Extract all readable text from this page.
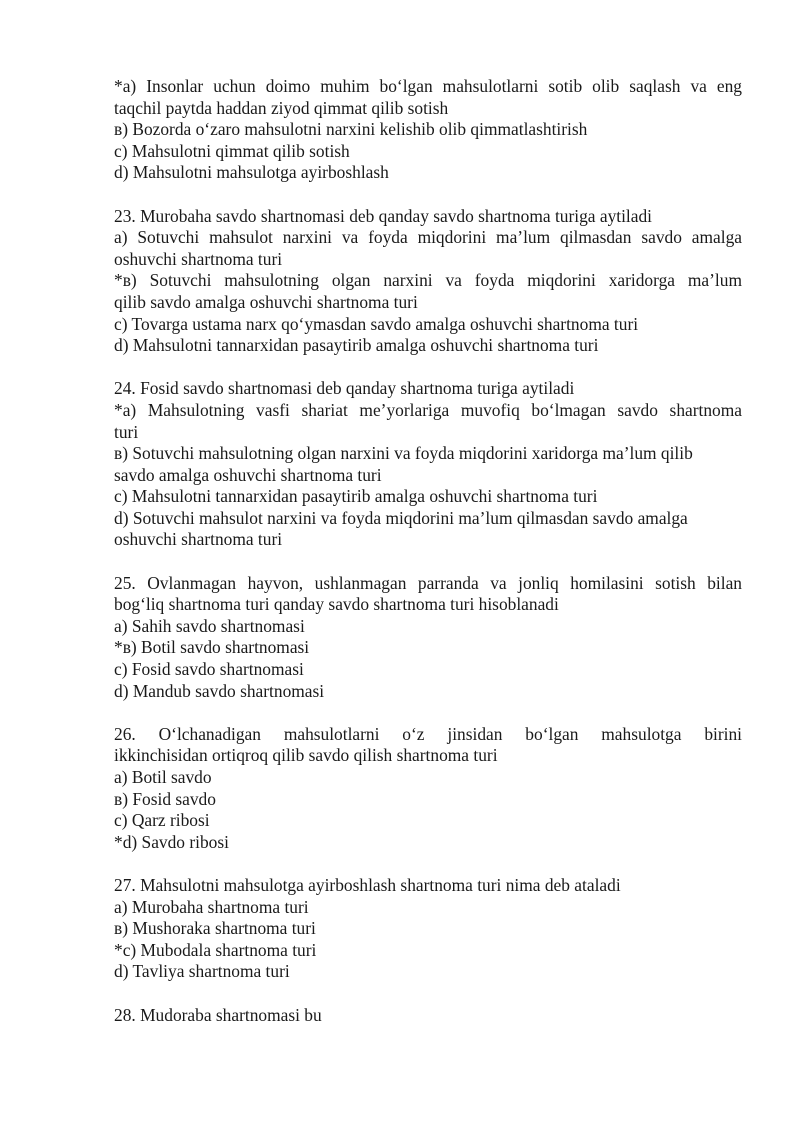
*a) Insonlar uchun doimo muhim bo‘lgan mahsulotlarni sotib olib saqlash va eng
taqchil paytda haddan ziyod qimmat qilib sotish
в) Bozorda o‘zaro mahsulotni narxini kelishib olib qimmatlashtirish
c) Mahsulotni qimmat qilib sotish
d) Mahsulotni mahsulotga ayirboshlash
23. Murobaha savdo shartnomasi deb qanday savdo shartnoma turiga aytiladi
a) Sotuvchi mahsulot narxini va foyda miqdorini ma’lum qilmasdan savdo amalga
oshuvchi shartnoma turi
*в) Sotuvchi mahsulotning olgan narxini va foyda miqdorini xaridorga ma’lum
qilib savdo amalga oshuvchi shartnoma turi
c) Tovarga ustama narx qo‘ymasdan savdo amalga oshuvchi shartnoma turi
d) Mahsulotni tannarxidan pasaytirib amalga oshuvchi shartnoma turi
24. Fosid savdo shartnomasi deb qanday shartnoma turiga aytiladi
*a) Mahsulotning vasfi shariat me’yorlariga muvofiq bo‘lmagan savdo shartnoma
turi
в) Sotuvchi mahsulotning olgan narxini va foyda miqdorini xaridorga ma’lum qilib
savdo amalga oshuvchi shartnoma turi
c) Mahsulotni tannarxidan pasaytirib amalga oshuvchi shartnoma turi
d) Sotuvchi mahsulot narxini va foyda miqdorini ma’lum qilmasdan savdo amalga
oshuvchi shartnoma turi
25. Ovlanmagan hayvon, ushlanmagan parranda va jonliq homilasini sotish bilan
bog‘liq shartnoma turi qanday savdo shartnoma turi hisoblanadi
a) Sahih savdo shartnomasi
*в) Botil savdo shartnomasi
c) Fosid savdo shartnomasi
d) Mandub savdo shartnomasi
26. O‘lchanadigan mahsulotlarni o‘z jinsidan bo‘lgan mahsulotga birini
ikkinchisidan ortiqroq qilib savdo qilish shartnoma turi
a) Botil savdo
в) Fosid savdo
c) Qarz ribosi
*d) Savdo ribosi
27. Mahsulotni mahsulotga ayirboshlash shartnoma turi nima deb ataladi
a) Murobaha shartnoma turi
в) Mushoraka shartnoma turi
*c) Mubodala shartnoma turi
d) Tavliya shartnoma turi
28. Mudoraba shartnomasi bu
